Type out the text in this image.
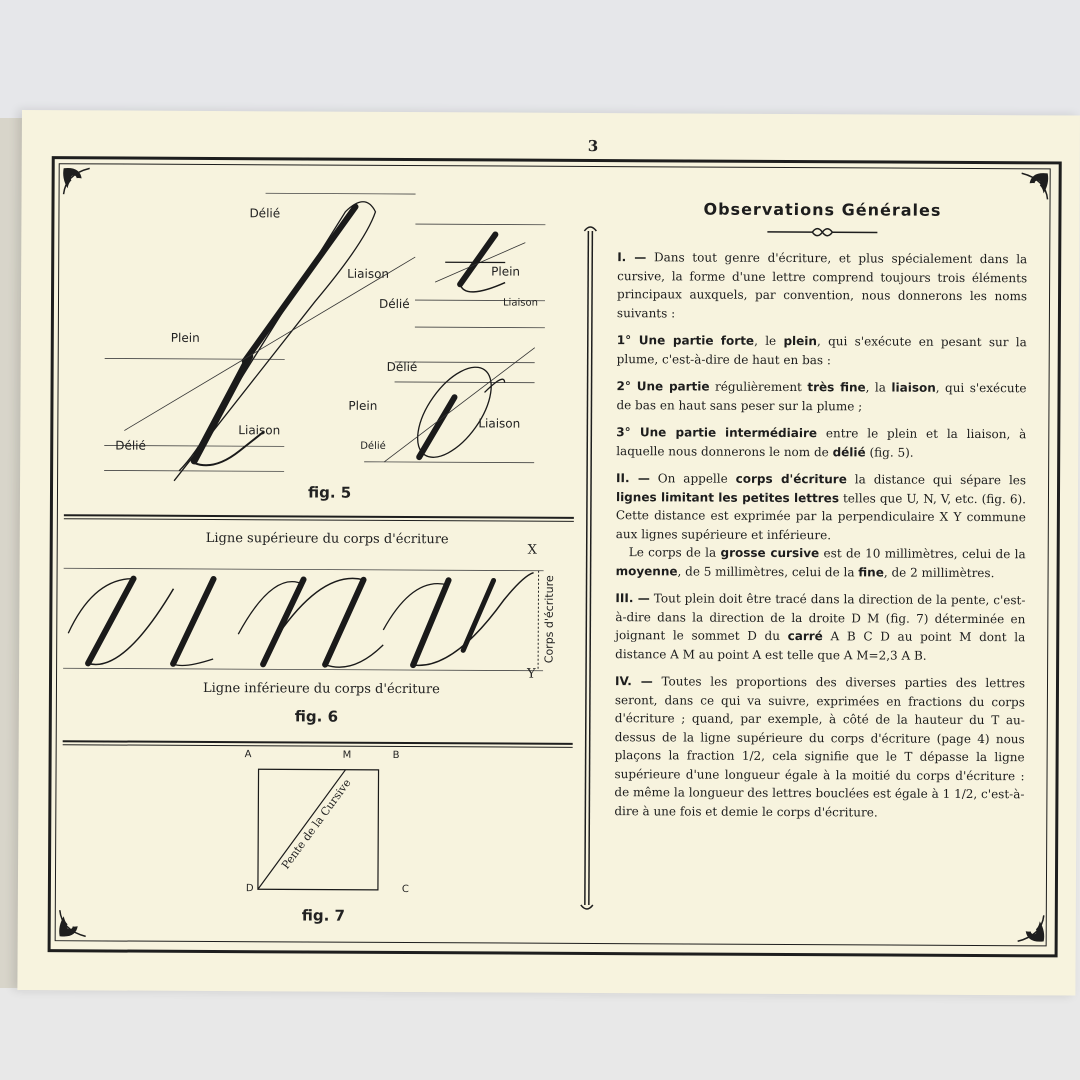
3
Délié
Liaison
Plein
Délié
Liaison
Plein
Délié	Liaison
Délié
Plein
Délié
Liaison
fig. 5
Ligne supérieure du corps d'écriture
X
Y
Corps d'écriture
Ligne inférieure du corps d'écriture
fig. 6
A	M	B
D	C
Pente de la Cursive
fig. 7
Observations Générales

I. — Dans tout genre d'écriture, et plus spécialement dans la cursive, la forme d'une lettre comprend toujours trois éléments principaux auxquels, par convention, nous donnerons les noms suivants :

1° Une partie forte, le plein, qui s'exécute en pesant sur la plume, c'est-à-dire de haut en bas :

2° Une partie régulièrement très fine, la liaison, qui s'exécute de bas en haut sans peser sur la plume ;

3° Une partie intermédiaire entre le plein et la liaison, à laquelle nous donnerons le nom de délié (fig. 5).

II. — On appelle corps d'écriture la distance qui sépare les lignes limitant les petites lettres telles que U, N, V, etc. (fig. 6). Cette distance est exprimée par la perpendiculaire X Y commune aux lignes supérieure et inférieure.
Le corps de la grosse cursive est de 10 millimètres, celui de la moyenne, de 5 millimètres, celui de la fine, de 2 millimètres.

III. — Tout plein doit être tracé dans la direction de la pente, c'est-à-dire dans la direction de la droite D M (fig. 7) déterminée en joignant le sommet D du carré A B C D au point M dont la distance A M au point A est telle que A M=2,3 A B.

IV. — Toutes les proportions des diverses parties des lettres seront, dans ce qui va suivre, exprimées en fractions du corps d'écriture ; quand, par exemple, à côté de la hauteur du T au-dessus de la ligne supérieure du corps d'écriture (page 4) nous plaçons la fraction 1/2, cela signifie que le T dépasse la ligne supérieure d'une longueur égale à la moitié du corps d'écriture : de même la longueur des lettres bouclées est égale à 1 1/2, c'est-à-dire à une fois et demie le corps d'écriture.
